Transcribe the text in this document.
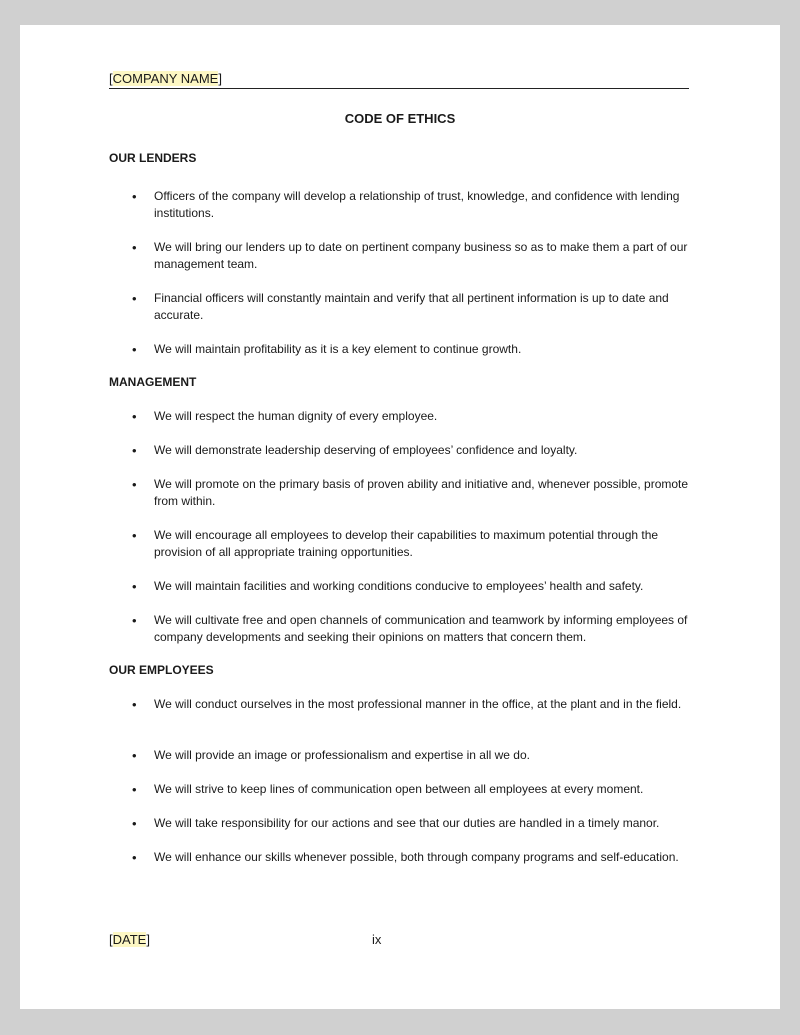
[COMPANY NAME]
CODE OF ETHICS
OUR LENDERS
• Officers of the company will develop a relationship of trust, knowledge, and confidence with lending institutions.
• We will bring our lenders up to date on pertinent company business so as to make them a part of our management team.
• Financial officers will constantly maintain and verify that all pertinent information is up to date and accurate.
• We will maintain profitability as it is a key element to continue growth.
MANAGEMENT
• We will respect the human dignity of every employee.
• We will demonstrate leadership deserving of employees’ confidence and loyalty.
• We will promote on the primary basis of proven ability and initiative and, whenever possible, promote from within.
• We will encourage all employees to develop their capabilities to maximum potential through the provision of all appropriate training opportunities.
• We will maintain facilities and working conditions conducive to employees’ health and safety.
• We will cultivate free and open channels of communication and teamwork by informing employees of company developments and seeking their opinions on matters that concern them.
OUR EMPLOYEES
• We will conduct ourselves in the most professional manner in the office, at the plant and in the field.
• We will provide an image or professionalism and expertise in all we do.
• We will strive to keep lines of communication open between all employees at every moment.
• We will take responsibility for our actions and see that our duties are handled in a timely manor.
• We will enhance our skills whenever possible, both through company programs and self-education.
[DATE]	ix
